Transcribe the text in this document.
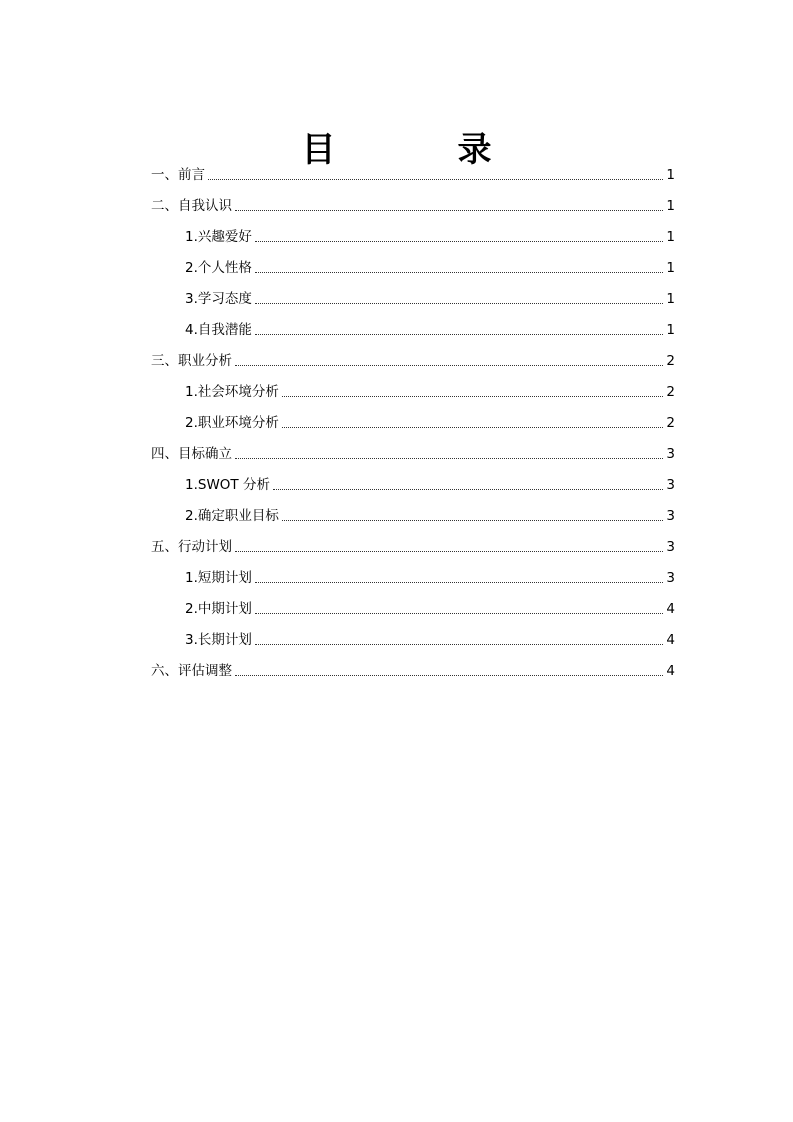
目　录
一、 前言	1
二、 自我认识	1
1. 兴趣爱好	1
2. 个人性格	1
3. 学习态度	1
4. 自我潜能	1
三、 职业分析	2
1. 社会环境分析	2
2. 职业环境分析	2
四、 目标确立	3
1. SWOT 分析	3
2. 确定职业目标	3
五、 行动计划	3
1. 短期计划	3
2. 中期计划	4
3. 长期计划	4
六、 评估调整	4
